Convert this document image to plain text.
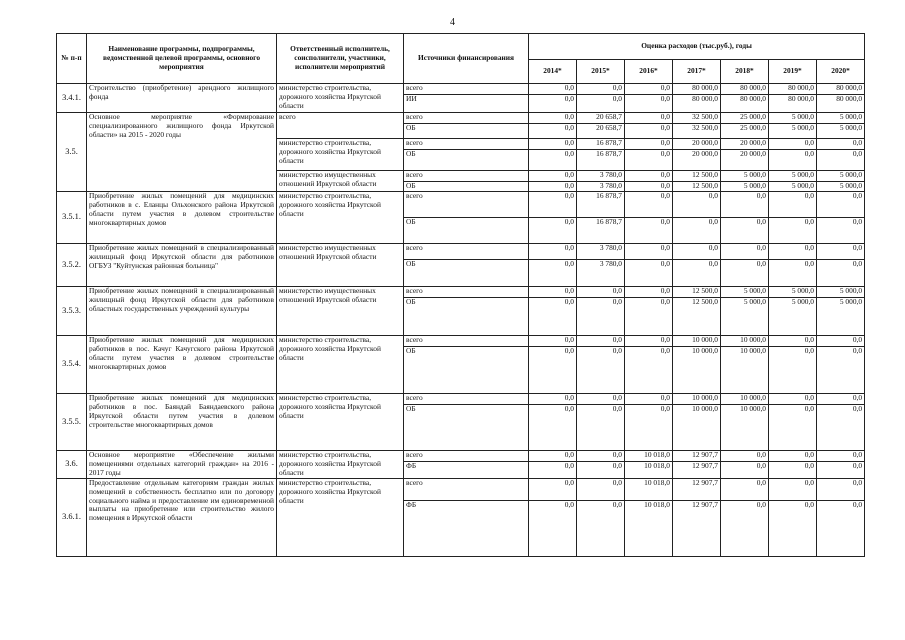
4
№ п-п	Наименование программы, подпрограммы, ведомственной целевой программы, основного мероприятия	Ответственный исполнитель, соисполнители, участники, исполнители мероприятий	Источники финансирования	Оценка расходов (тыс.руб.), годы						
				2014*	2015*	2016*	2017*	2018*	2019*	2020*
3.4.1.	Строительство (приобретение) арендного жилищного фонда	министерство строительства, дорожного хозяйства Иркутской области	всего	0,0	0,0	0,0	80 000,0	80 000,0	80 000,0	80 000,0
			ИИ	0,0	0,0	0,0	80 000,0	80 000,0	80 000,0	80 000,0
3.5.	Основное мероприятие «Формирование специализированного жилищного фонда Иркутской области» на 2015 - 2020 годы	всего	всего	0,0	20 658,7	0,0	32 500,0	25 000,0	5 000,0	5 000,0
			ОБ	0,0	20 658,7	0,0	32 500,0	25 000,0	5 000,0	5 000,0
		министерство строительства, дорожного хозяйства Иркутской области	всего	0,0	16 878,7	0,0	20 000,0	20 000,0	0,0	0,0
			ОБ	0,0	16 878,7	0,0	20 000,0	20 000,0	0,0	0,0
		министерство имущественных отношений Иркутской области	всего	0,0	3 780,0	0,0	12 500,0	5 000,0	5 000,0	5 000,0
			ОБ	0,0	3 780,0	0,0	12 500,0	5 000,0	5 000,0	5 000,0
3.5.1.	Приобретение жилых помещений для медицинских работников в с. Еланцы Ольхонского района Иркутской области путем участия в долевом строительстве многоквартирных домов	министерство строительства, дорожного хозяйства Иркутской области	всего	0,0	16 878,7	0,0	0,0	0,0	0,0	0,0
			ОБ	0,0	16 878,7	0,0	0,0	0,0	0,0	0,0
3.5.2.	Приобретение жилых помещений в специализированный жилищный фонд Иркутской области для работников ОГБУЗ "Куйтунская районная больница"	министерство имущественных отношений Иркутской области	всего	0,0	3 780,0	0,0	0,0	0,0	0,0	0,0
			ОБ	0,0	3 780,0	0,0	0,0	0,0	0,0	0,0
3.5.3.	Приобретение жилых помещений в специализированный жилищный фонд Иркутской области для работников областных государственных учреждений культуры	министерство имущественных отношений Иркутской области	всего	0,0	0,0	0,0	12 500,0	5 000,0	5 000,0	5 000,0
			ОБ	0,0	0,0	0,0	12 500,0	5 000,0	5 000,0	5 000,0
3.5.4.	Приобретение жилых помещений для медицинских работников в пос. Качуг Качугского района Иркутской области путем участия в долевом строительстве многоквартирных домов	министерство строительства, дорожного хозяйства Иркутской области	всего	0,0	0,0	0,0	10 000,0	10 000,0	0,0	0,0
			ОБ	0,0	0,0	0,0	10 000,0	10 000,0	0,0	0,0
3.5.5.	Приобретение жилых помещений для медицинских работников в пос. Баяндай Баяндаевского района Иркутской области путем участия в долевом строительстве многоквартирных домов	министерство строительства, дорожного хозяйства Иркутской области	всего	0,0	0,0	0,0	10 000,0	10 000,0	0,0	0,0
			ОБ	0,0	0,0	0,0	10 000,0	10 000,0	0,0	0,0
3.6.	Основное мероприятие «Обеспечение жилыми помещениями отдельных категорий граждан» на 2016 - 2017 годы	министерство строительства, дорожного хозяйства Иркутской области	всего	0,0	0,0	10 018,0	12 907,7	0,0	0,0	0,0
			ФБ	0,0	0,0	10 018,0	12 907,7	0,0	0,0	0,0
3.6.1.	Предоставление отдельным категориям граждан жилых помещений в собственность бесплатно или по договору социального найма и предоставление им единовременной выплаты на приобретение или строительство жилого помещения в Иркутской области	министерство строительства, дорожного хозяйства Иркутской области	всего	0,0	0,0	10 018,0	12 907,7	0,0	0,0	0,0
			ФБ	0,0	0,0	10 018,0	12 907,7	0,0	0,0	0,0
